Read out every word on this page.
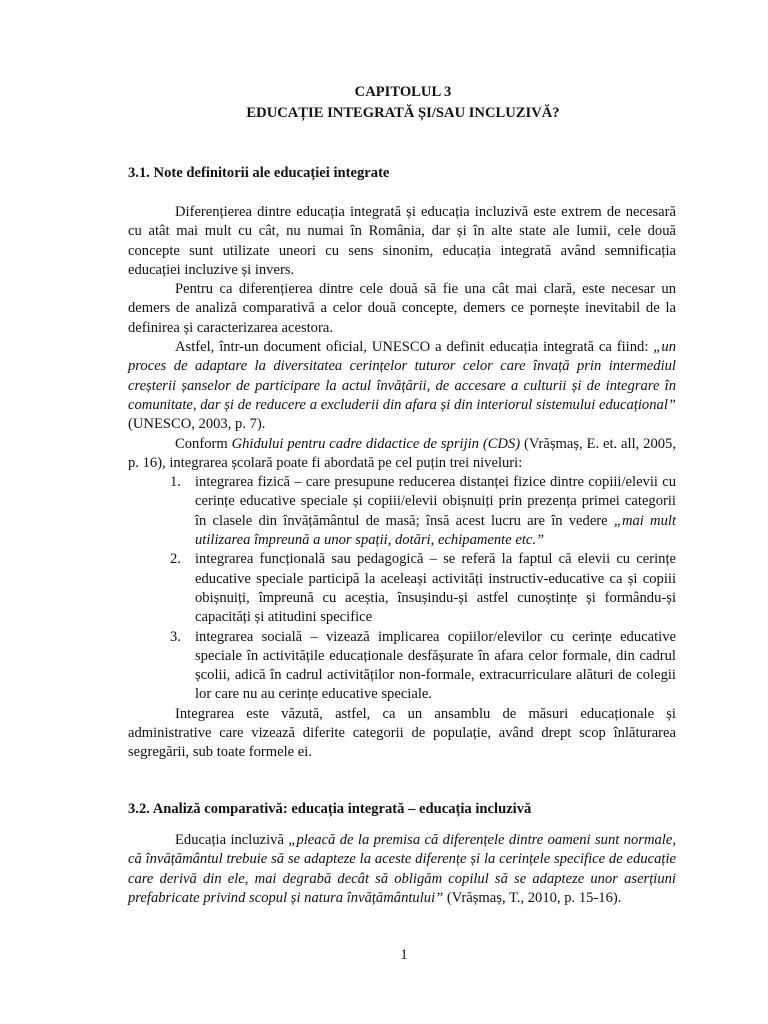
CAPITOLUL 3
EDUCAȚIE INTEGRATĂ ȘI/SAU INCLUZIVĂ?
3.1. Note definitorii ale educației integrate

Diferențierea dintre educația integrată și educația incluzivă este extrem de necesară cu atât mai mult cu cât, nu numai în România, dar și în alte state ale lumii, cele două concepte sunt utilizate uneori cu sens sinonim, educația integrată având semnificația educației incluzive și invers.

Pentru ca diferențierea dintre cele două să fie una cât mai clară, este necesar un demers de analiză comparativă a celor două concepte, demers ce pornește inevitabil de la definirea și caracterizarea acestora.

Astfel, într-un document oficial, UNESCO a definit educația integrată ca fiind: „un proces de adaptare la diversitatea cerințelor tuturor celor care învață prin intermediul creșterii șanselor de participare la actul învățării, de accesare a culturii și de integrare în comunitate, dar și de reducere a excluderii din afara și din interiorul sistemului educațional” (UNESCO, 2003, p. 7).

Conform Ghidului pentru cadre didactice de sprijin (CDS) (Vrășmaș, E. et. all, 2005, p. 16), integrarea școlară poate fi abordată pe cel puțin trei niveluri:

1. integrarea fizică – care presupune reducerea distanței fizice dintre copiii/elevii cu cerințe educative speciale și copiii/elevii obișnuiți prin prezența primei categorii în clasele din învățământul de masă; însă acest lucru are în vedere „mai mult utilizarea împreună a unor spații, dotări, echipamente etc.”
2. integrarea funcțională sau pedagogică – se referă la faptul că elevii cu cerințe educative speciale participă la aceleași activități instructiv-educative ca și copiii obișnuiți, împreună cu aceștia, însușindu-și astfel cunoștințe și formându-și capacități și atitudini specifice
3. integrarea socială – vizează implicarea copiilor/elevilor cu cerințe educative speciale în activitățile educaționale desfășurate în afara celor formale, din cadrul școlii, adică în cadrul activităților non-formale, extracurriculare alături de colegii lor care nu au cerințe educative speciale.

Integrarea este văzută, astfel, ca un ansamblu de măsuri educaționale și administrative care vizează diferite categorii de populație, având drept scop înlăturarea segregării, sub toate formele ei.

3.2. Analiză comparativă: educația integrată – educația incluzivă

Educația incluzivă „pleacă de la premisa că diferențele dintre oameni sunt normale, că învățământul trebuie să se adapteze la aceste diferențe și la cerințele specifice de educație care derivă din ele, mai degrabă decât să obligăm copilul să se adapteze unor aserțiuni prefabricate privind scopul și natura învățământului” (Vrășmaș, T., 2010, p. 15-16).

1
